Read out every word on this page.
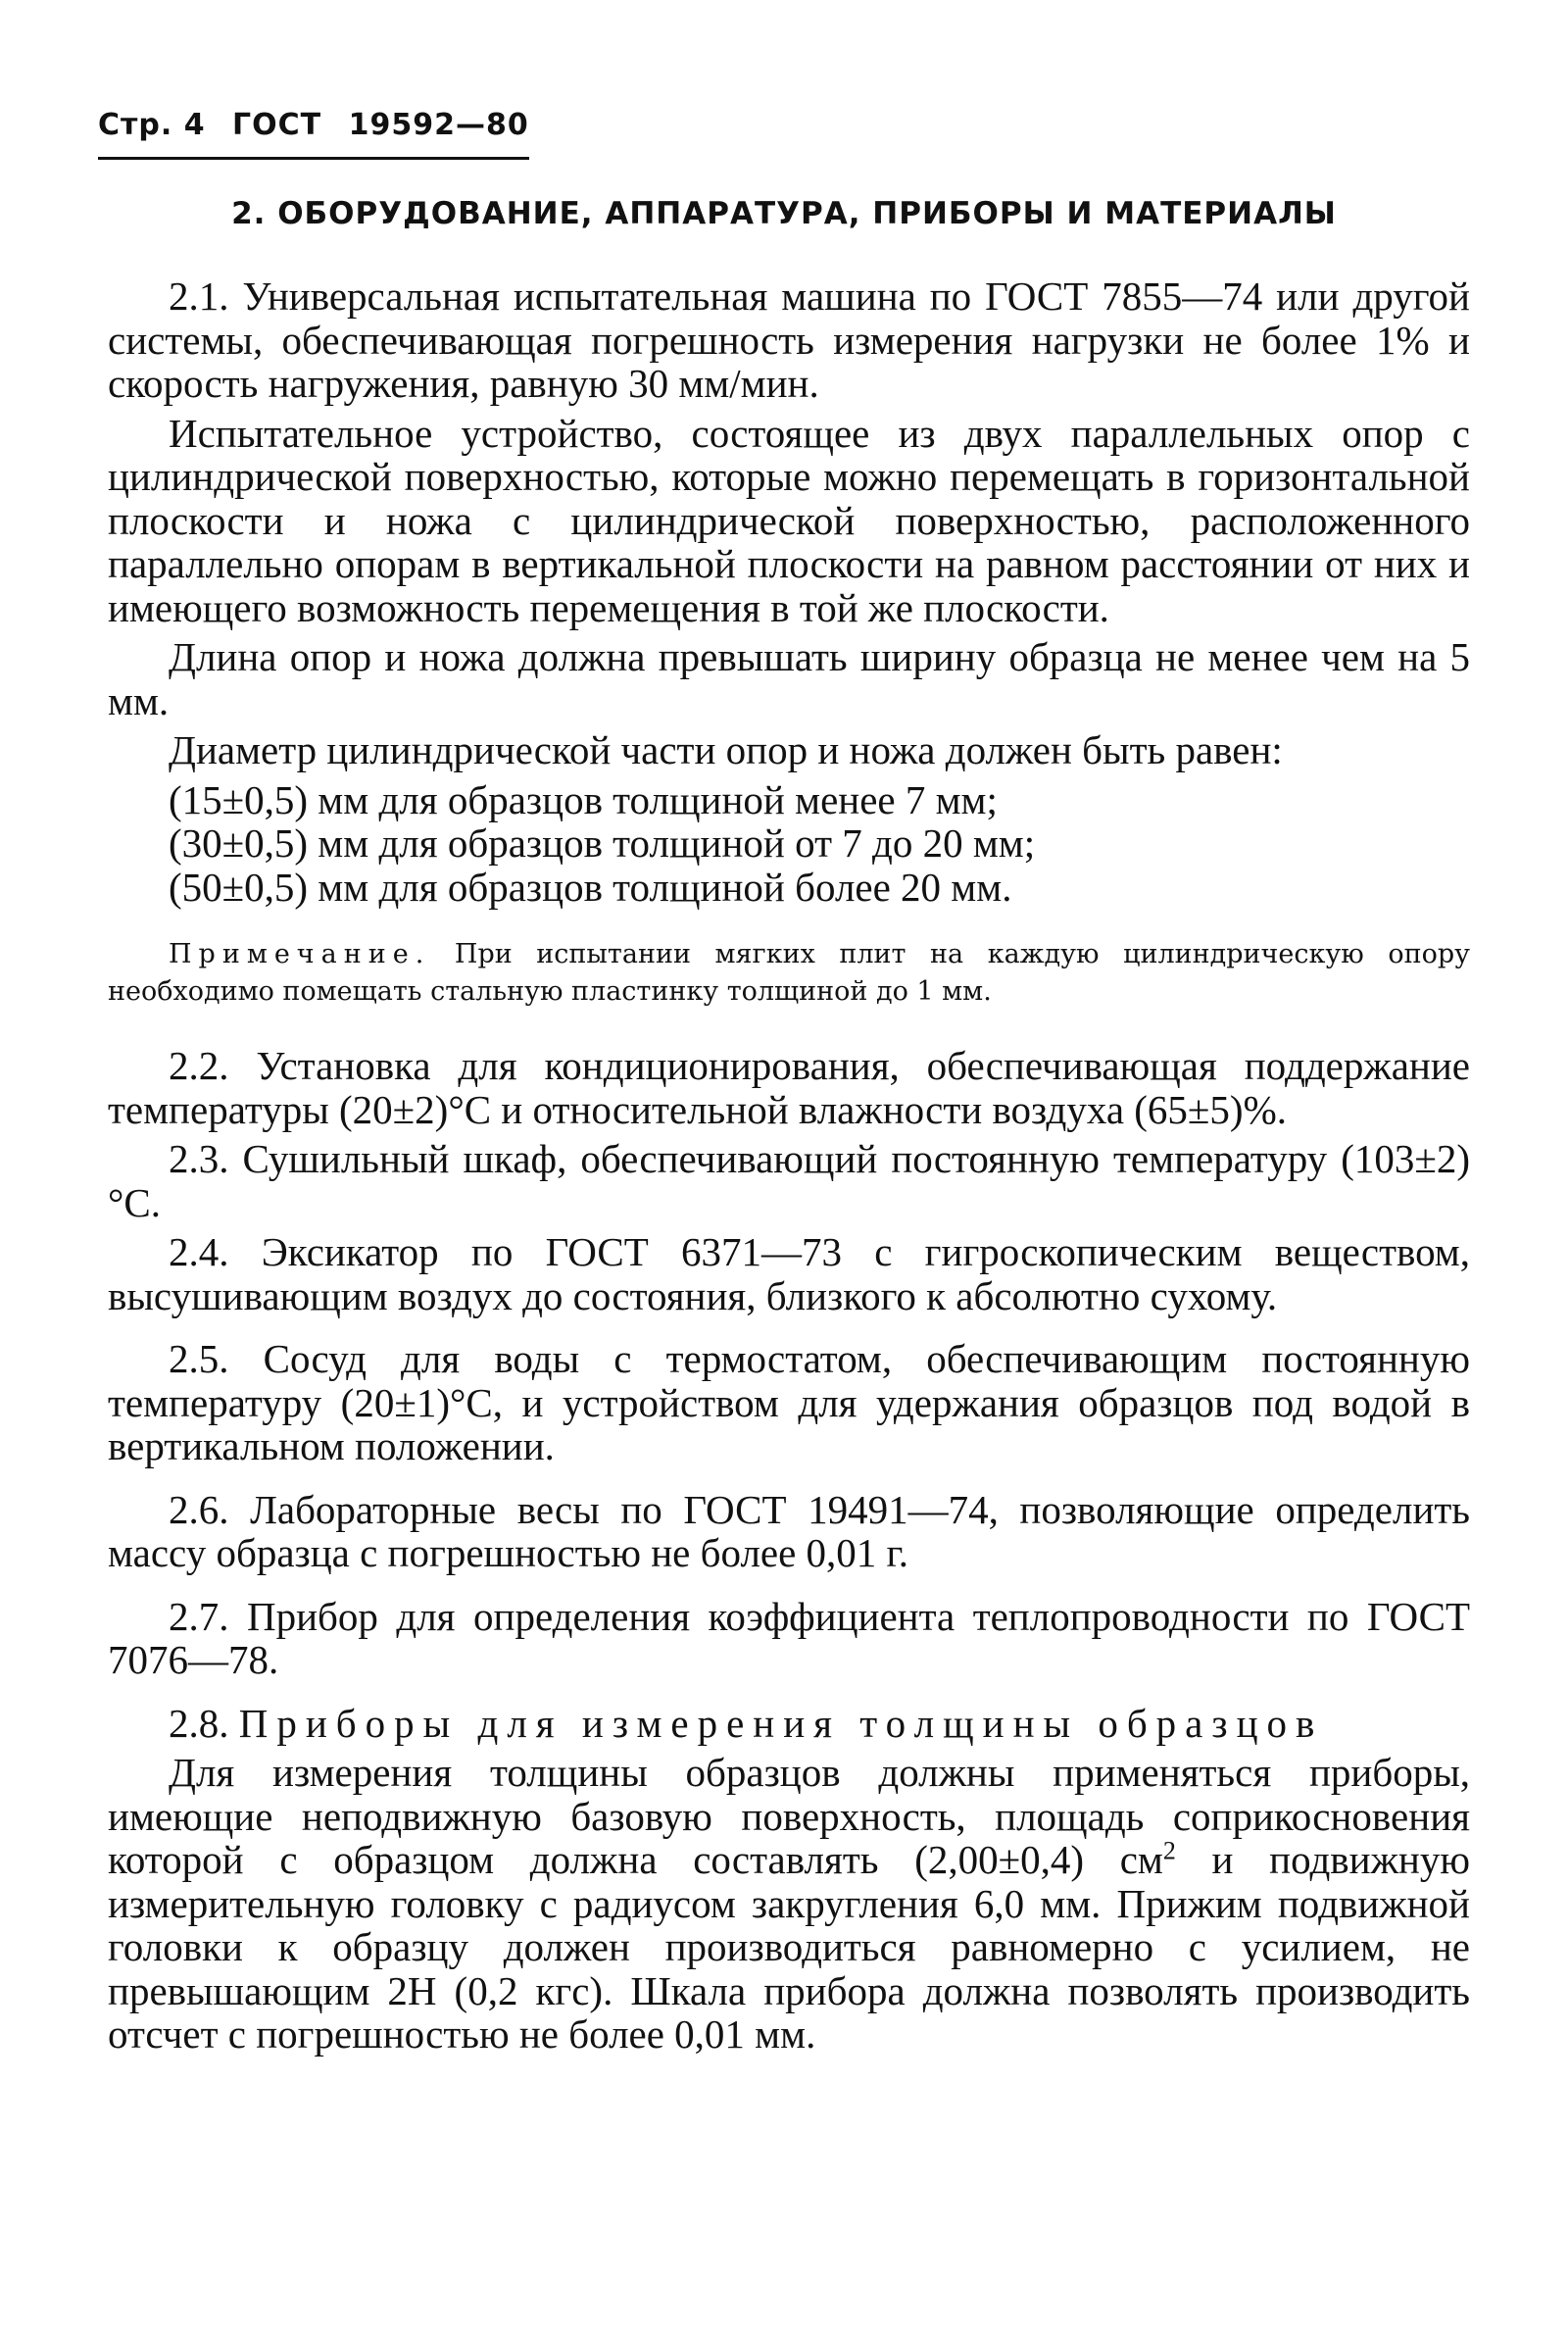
Стр. 4 ГОСТ 19592—80
2. ОБОРУДОВАНИЕ, АППАРАТУРА, ПРИБОРЫ И МАТЕРИАЛЫ

2.1. Универсальная испытательная машина по ГОСТ 7855—74 или другой системы, обеспечивающая погрешность измерения нагрузки не более 1% и скорость нагружения, равную 30 мм/мин.

Испытательное устройство, состоящее из двух параллельных опор с цилиндрической поверхностью, которые можно перемещать в горизонтальной плоскости и ножа с цилиндрической поверхностью, расположенного параллельно опорам в вертикальной плоскости на равном расстоянии от них и имеющего возможность перемещения в той же плоскости.

Длина опор и ножа должна превышать ширину образца не менее чем на 5 мм.

Диаметр цилиндрической части опор и ножа должен быть равен:

(15±0,5) мм для образцов толщиной менее 7 мм;
(30±0,5) мм для образцов толщиной от 7 до 20 мм;
(50±0,5) мм для образцов толщиной более 20 мм.

Примечание. При испытании мягких плит на каждую цилиндрическую опору необходимо помещать стальную пластинку толщиной до 1 мм.

2.2. Установка для кондиционирования, обеспечивающая поддержание температуры (20±2)°С и относительной влажности воздуха (65±5)%.

2.3. Сушильный шкаф, обеспечивающий постоянную температуру (103±2)°С.

2.4. Эксикатор по ГОСТ 6371—73 с гигроскопическим веществом, высушивающим воздух до состояния, близкого к абсолютно сухому.

2.5. Сосуд для воды с термостатом, обеспечивающим постоянную температуру (20±1)°С, и устройством для удержания образцов под водой в вертикальном положении.

2.6. Лабораторные весы по ГОСТ 19491—74, позволяющие определить массу образца с погрешностью не более 0,01 г.

2.7. Прибор для определения коэффициента теплопроводности по ГОСТ 7076—78.

2.8. Приборы для измерения толщины образцов

Для измерения толщины образцов должны применяться приборы, имеющие неподвижную базовую поверхность, площадь соприкосновения которой с образцом должна составлять (2,00±0,4) $см^2$ и подвижную измерительную головку с радиусом закругления 6,0 мм. Прижим подвижной головки к образцу должен производиться равномерно с усилием, не превышающим 2Н (0,2 кгс). Шкала прибора должна позволять производить отсчет с погрешностью не более 0,01 мм.
